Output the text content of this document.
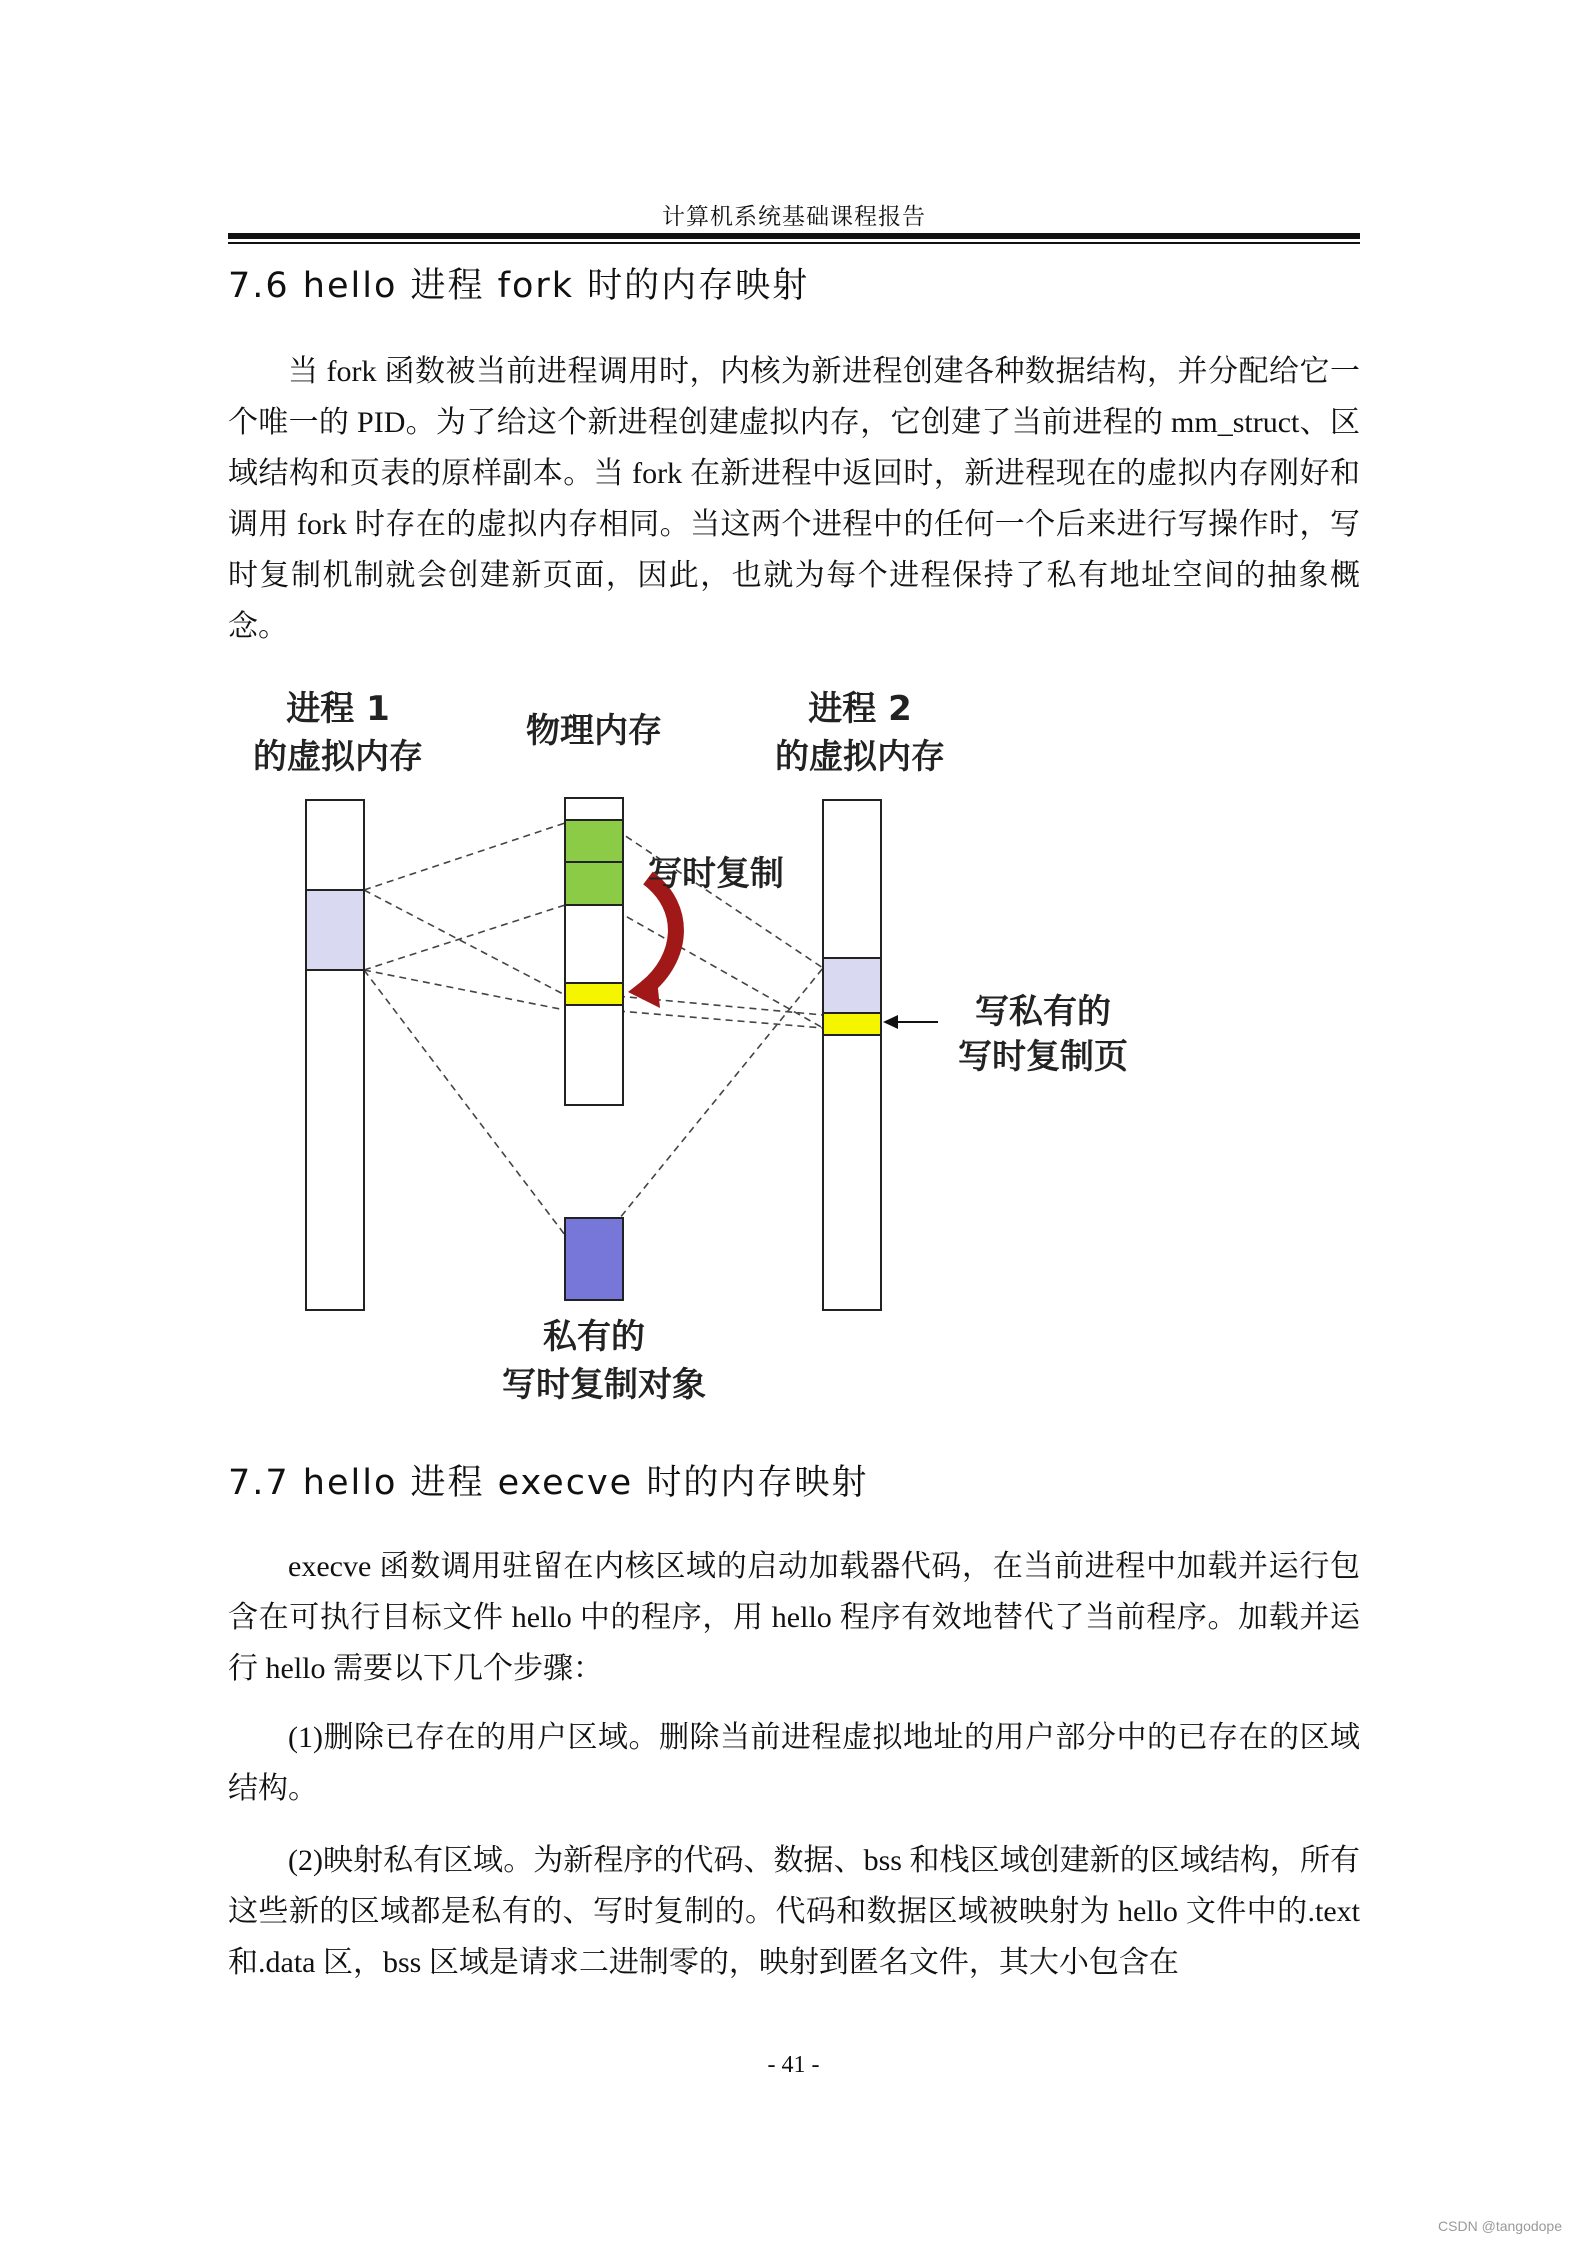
计算机系统基础课程报告
7.6 hello 进程 fork 时的内存映射
当 fork 函数被当前进程调用时，内核为新进程创建各种数据结构，并分配给它一个唯一的 PID。为了给这个新进程创建虚拟内存，它创建了当前进程的 mm_struct、区域结构和页表的原样副本。当 fork 在新进程中返回时，新进程现在的虚拟内存刚好和调用 fork 时存在的虚拟内存相同。当这两个进程中的任何一个后来进行写操作时，写时复制机制就会创建新页面，因此，也就为每个进程保持了私有地址空间的抽象概念。
进程 1
的虚拟内存
物理内存
进程 2
的虚拟内存
写时复制
写私有的
写时复制页
私有的
写时复制对象
7.7 hello 进程 execve 时的内存映射
execve 函数调用驻留在内核区域的启动加载器代码，在当前进程中加载并运行包含在可执行目标文件 hello 中的程序，用 hello 程序有效地替代了当前程序。加载并运行 hello 需要以下几个步骤：
(1)删除已存在的用户区域。删除当前进程虚拟地址的用户部分中的已存在的区域结构。
(2)映射私有区域。为新程序的代码、数据、bss 和栈区域创建新的区域结构，所有这些新的区域都是私有的、写时复制的。代码和数据区域被映射为 hello 文件中的.text 和.data 区，bss 区域是请求二进制零的，映射到匿名文件，其大小包含在
- 41 -
CSDN @tangodope
